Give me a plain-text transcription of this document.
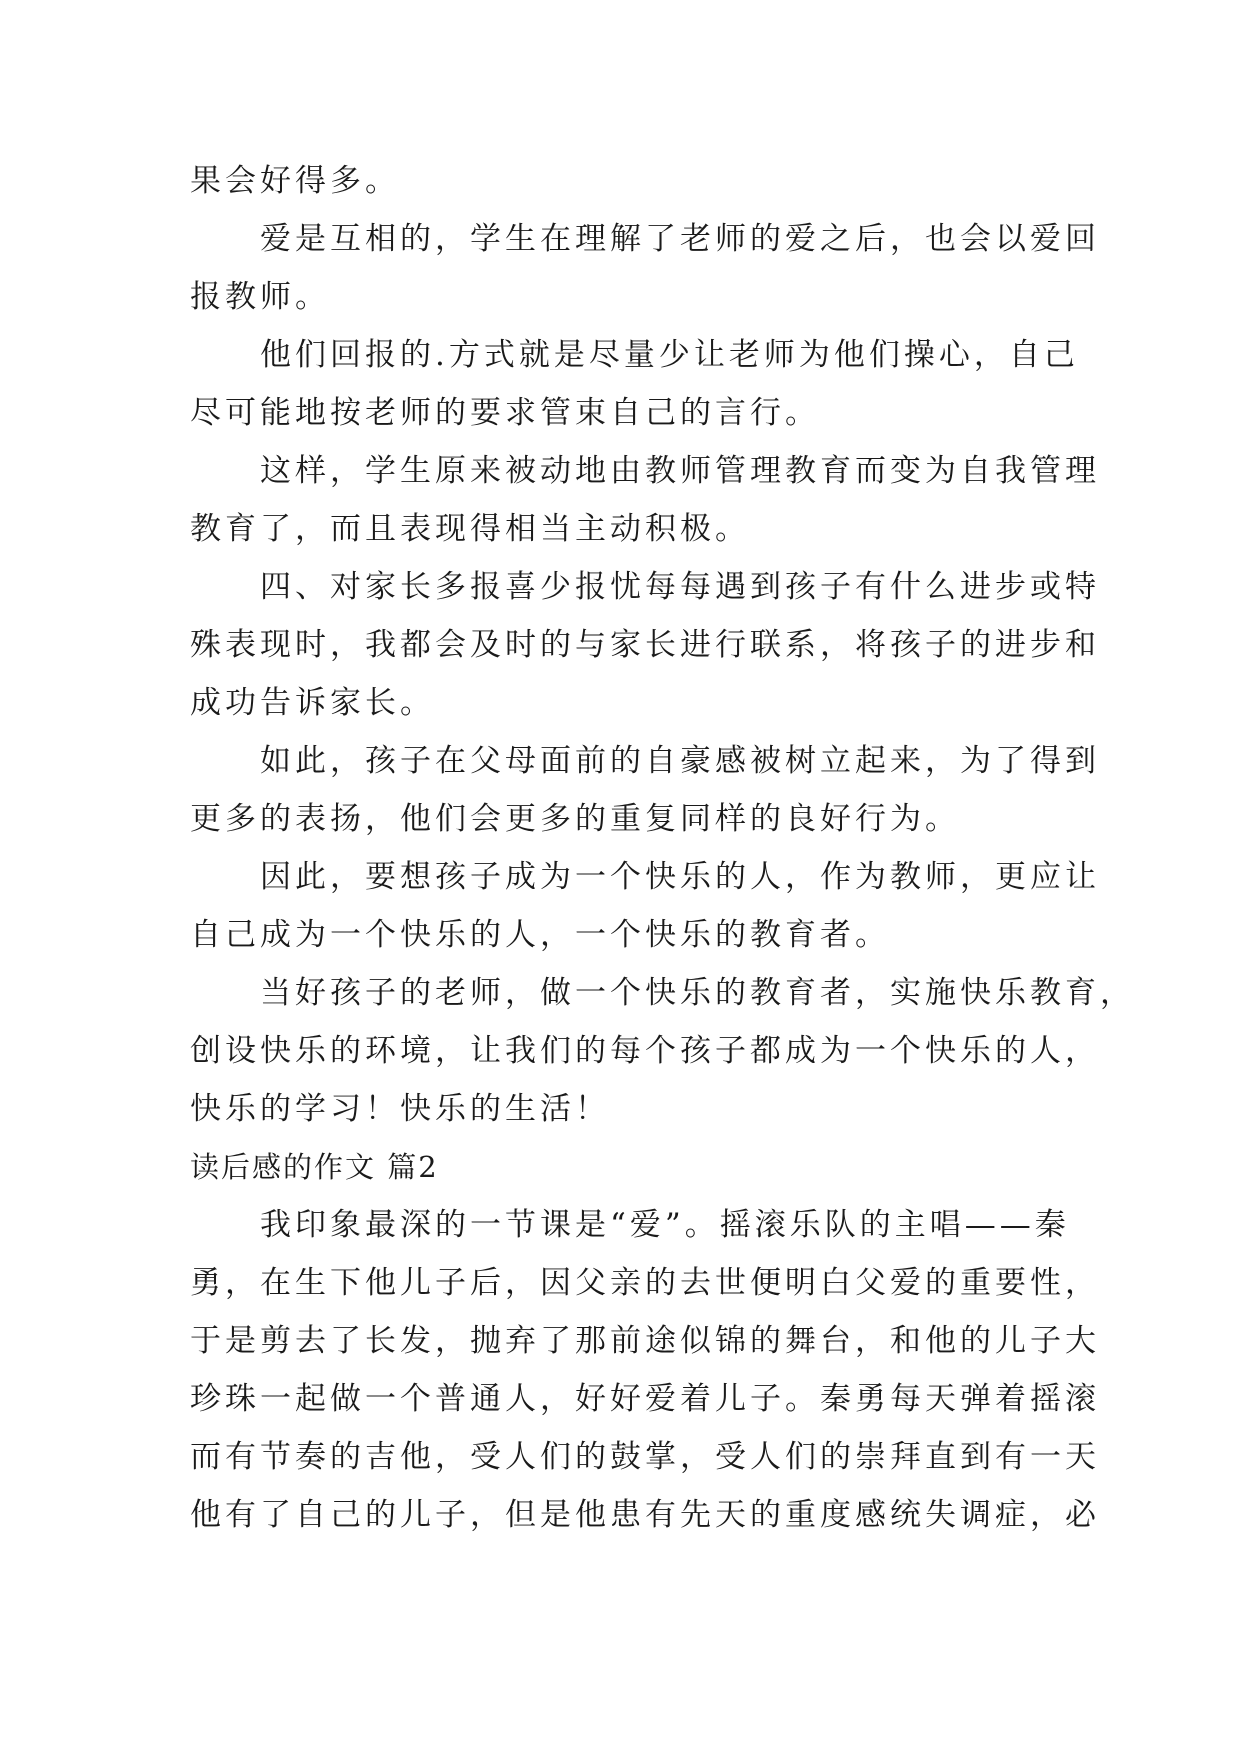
果会好得多。

　　爱是互相的，学生在理解了老师的爱之后，也会以爱回

报教师。

　　他们回报的.方式就是尽量少让老师为他们操心，自己

尽可能地按老师的要求管束自己的言行。

　　这样，学生原来被动地由教师管理教育而变为自我管理

教育了，而且表现得相当主动积极。

　　四、对家长多报喜少报忧每每遇到孩子有什么进步或特

殊表现时，我都会及时的与家长进行联系，将孩子的进步和

成功告诉家长。

　　如此，孩子在父母面前的自豪感被树立起来，为了得到

更多的表扬，他们会更多的重复同样的良好行为。

　　因此，要想孩子成为一个快乐的人，作为教师，更应让

自己成为一个快乐的人，一个快乐的教育者。

　　当好孩子的老师，做一个快乐的教育者，实施快乐教育，

创设快乐的环境，让我们的每个孩子都成为一个快乐的人，

快乐的学习！快乐的生活！

读后感的作文 篇2

　　我印象最深的一节课是“爱”。摇滚乐队的主唱——秦

勇，在生下他儿子后，因父亲的去世便明白父爱的重要性，

于是剪去了长发，抛弃了那前途似锦的舞台，和他的儿子大

珍珠一起做一个普通人，好好爱着儿子。秦勇每天弹着摇滚

而有节奏的吉他，受人们的鼓掌，受人们的崇拜直到有一天

他有了自己的儿子，但是他患有先天的重度感统失调症，必
